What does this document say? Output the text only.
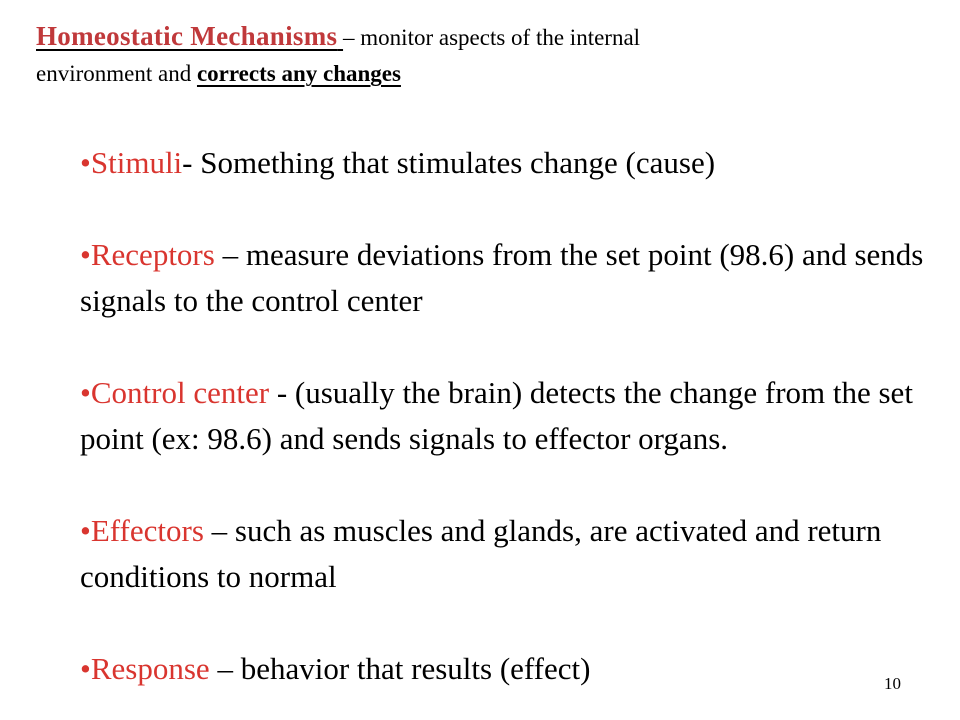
Homeostatic Mechanisms – monitor aspects of the internal
environment and corrects any changes
•Stimuli- Something that stimulates change (cause)
•Receptors – measure deviations from the set point (98.6) and sends signals to the control center
•Control center - (usually the brain) detects the change from the set point (ex: 98.6) and sends signals to effector organs.
•Effectors – such as muscles and glands, are activated and return conditions to normal
•Response – behavior that results (effect)	10
